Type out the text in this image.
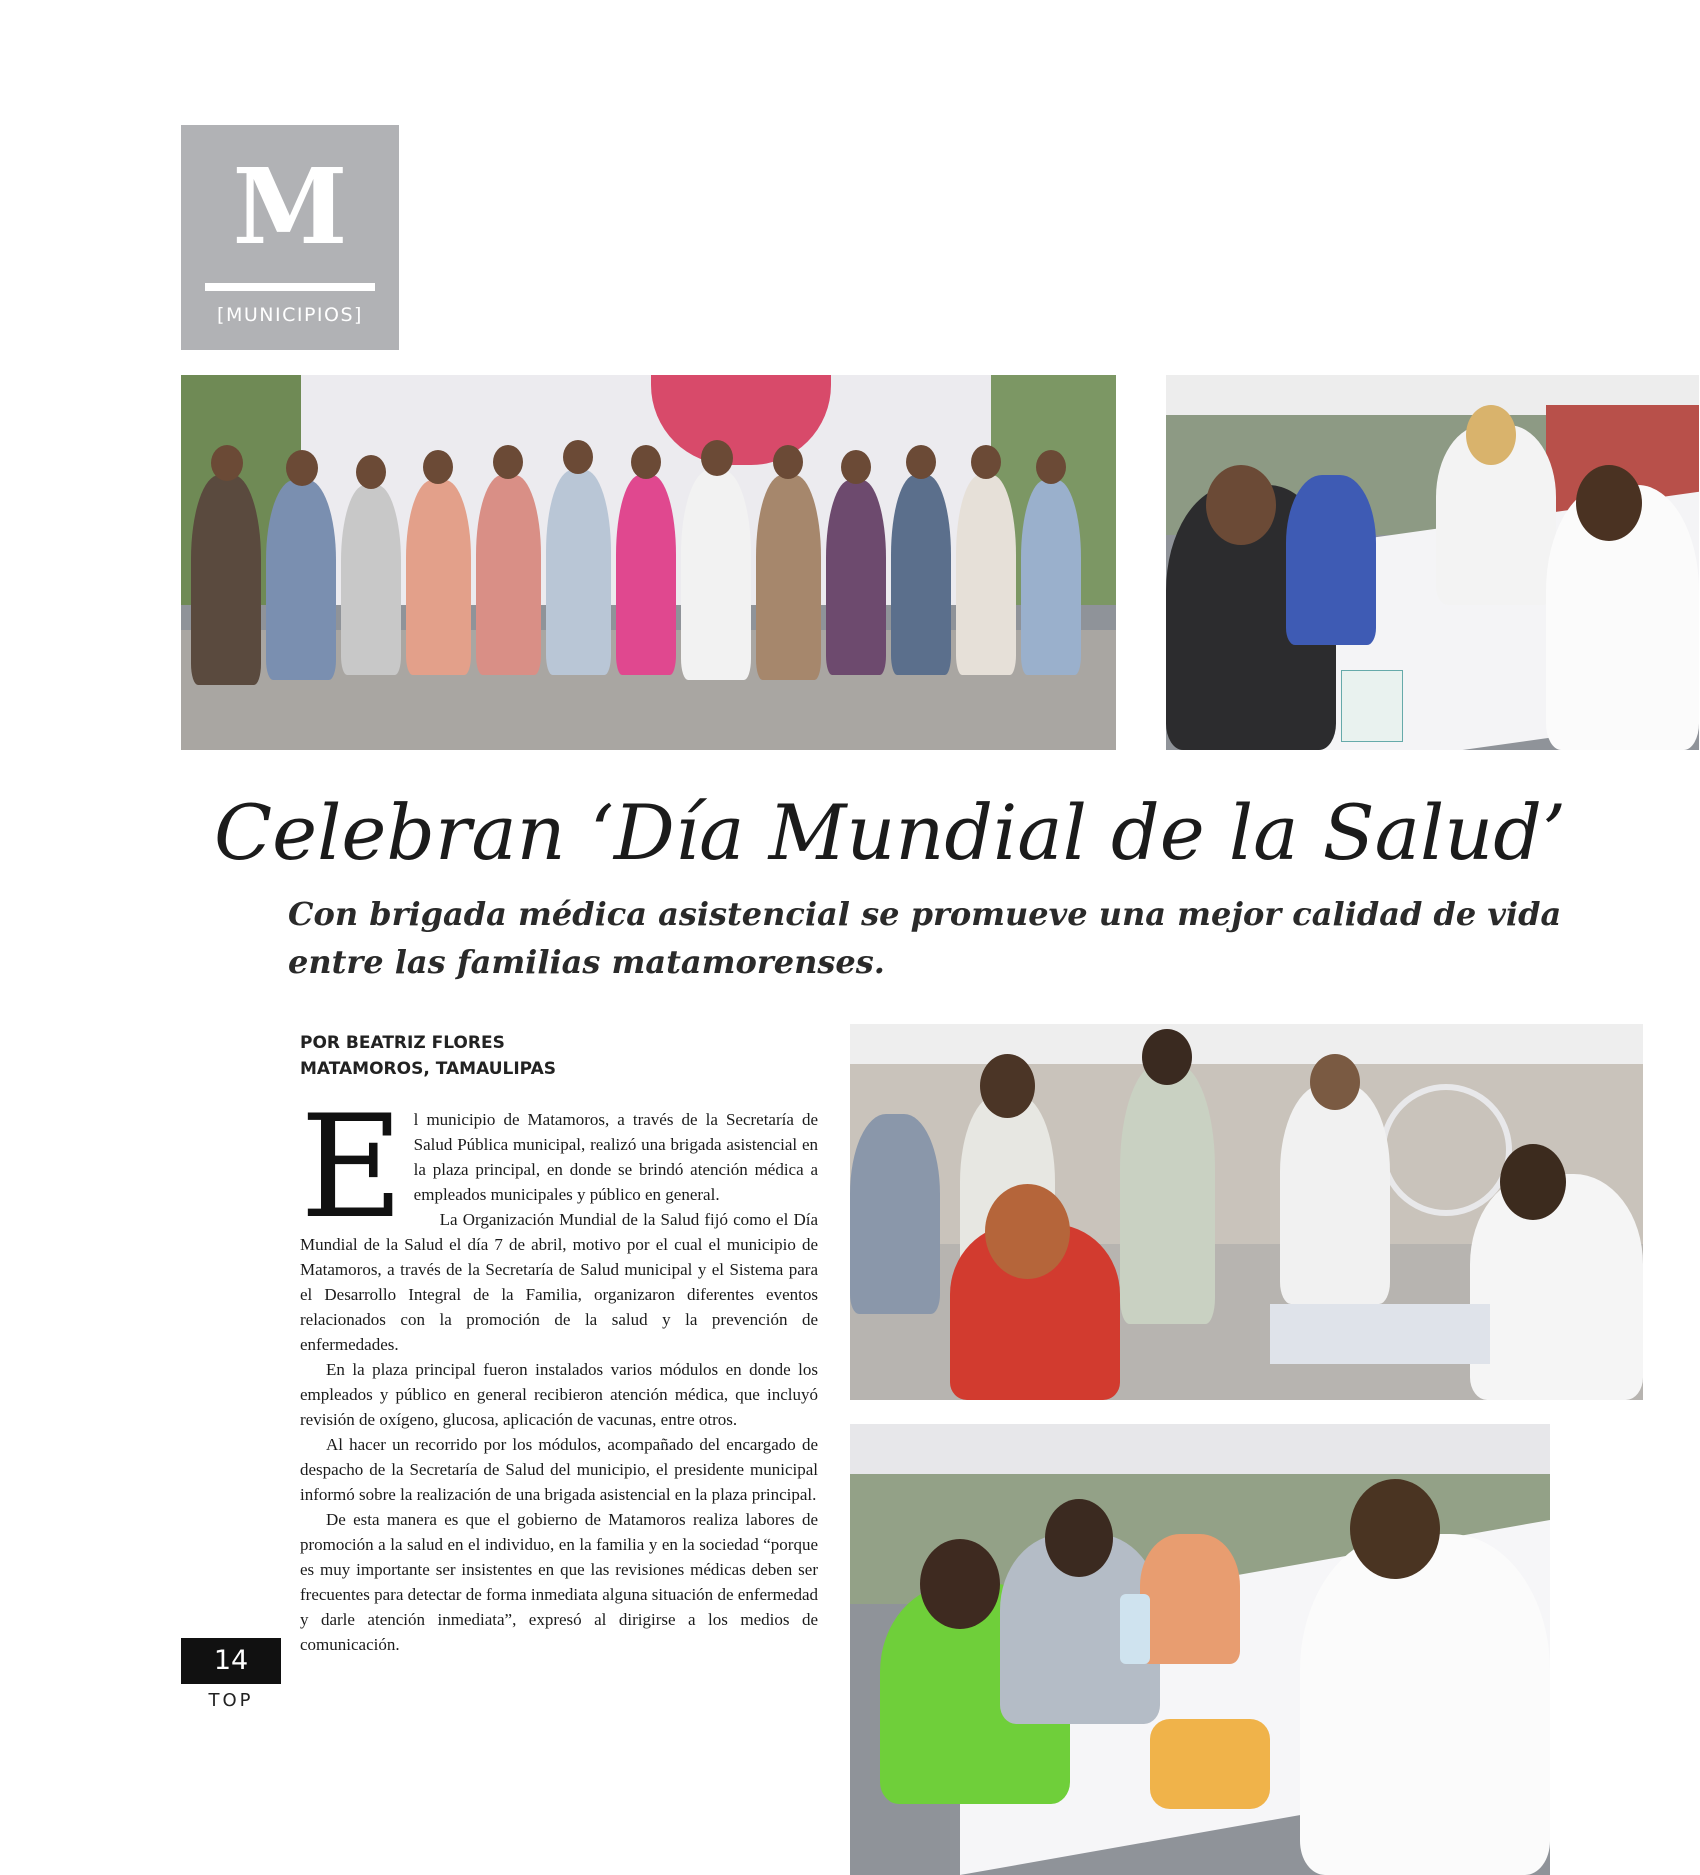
M
[MUNICIPIOS]
Celebran ‘Día Mundial de la Salud’
Con brigada médica asistencial se promueve una mejor calidad de vida entre las familias matamorenses.
POR BEATRIZ FLORES
MATAMOROS, TAMAULIPAS
E l municipio de Matamoros, a través de la Secretaría de Salud Pública municipal, realizó una brigada asistencial en la plaza principal, en donde se brindó atención médica a empleados municipales y público en general.

La Organización Mundial de la Salud fijó como el Día Mundial de la Salud el día 7 de abril, motivo por el cual el municipio de Matamoros, a través de la Secretaría de Salud municipal y el Sistema para el Desarrollo Integral de la Familia, organizaron diferentes eventos relacionados con la promoción de la salud y la prevención de enfermedades.

En la plaza principal fueron instalados varios módulos en donde los empleados y público en general recibieron atención médica, que incluyó revisión de oxígeno, glucosa, aplicación de vacunas, entre otros.

Al hacer un recorrido por los módulos, acompañado del encargado de despacho de la Secretaría de Salud del municipio, el presidente municipal informó sobre la realización de una brigada asistencial en la plaza principal.

De esta manera es que el gobierno de Matamoros realiza labores de promoción a la salud en el individuo, en la familia y en la sociedad “porque es muy importante ser insistentes en que las revisiones médicas deben ser frecuentes para detectar de forma inmediata alguna situación de enfermedad y darle atención inmediata”, expresó al dirigirse a los medios de comunicación.

14
TOP
